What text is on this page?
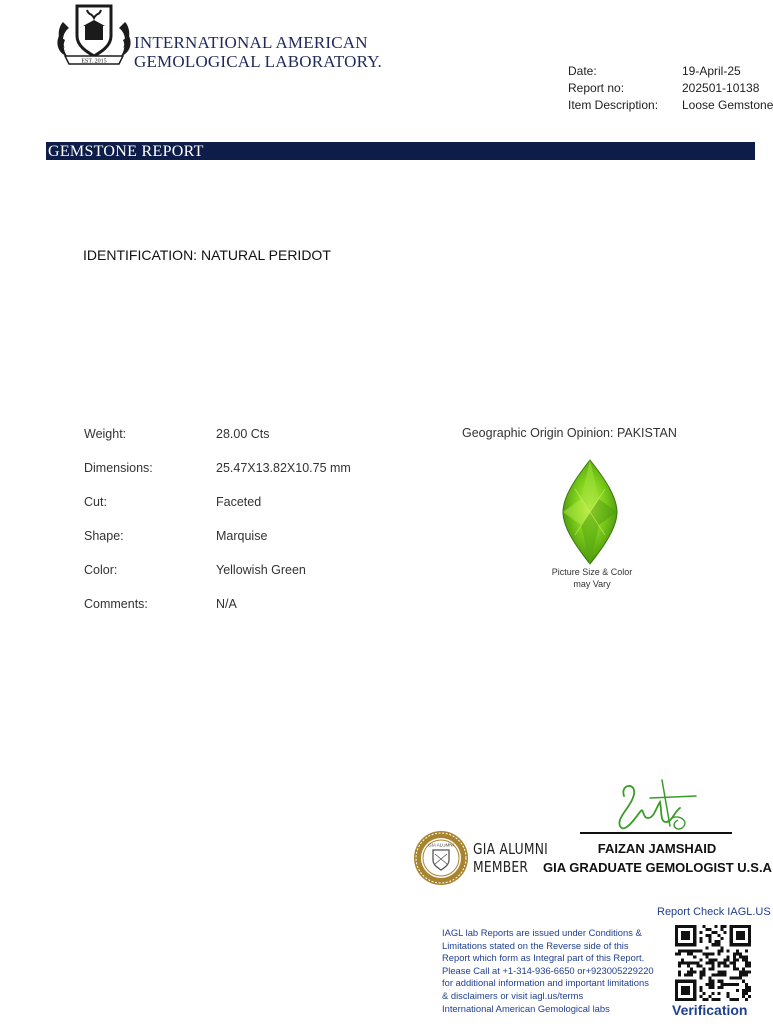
EST. 2015
INTERNATIONAL AMERICAN
GEMOLOGICAL LABORATORY.	Date:	19-April-25
Report no:	202501-10138
Item Description: Loose Gemstone
GEMSTONE REPORT
IDENTIFICATION: NATURAL PERIDOT
Weight:	28.00 Cts
Dimensions:	25.47X13.82X10.75 mm
Cut:	Faceted
Shape:	Marquise
Color:	Yellowish Green
Comments:	N/A
Geographic Origin Opinion: PAKISTAN
Picture Size & Color
may Vary
FAIZAN JAMSHAID
GIA GRADUATE GEMOLOGIST U.S.A
GIA ALUMNI GIA ALUMNI
MEMBER
Report Check IAGL.US
IAGL lab Reports are issued under Conditions &
Limitations stated on the Reverse side of this
Report which form as Integral part of this Report.
Please Call at +1-314-936-6650 or+923005229220
for additional information and important limitations
& disclaimers or visit iagl.us/terms
International American Gemological labs	Verification
